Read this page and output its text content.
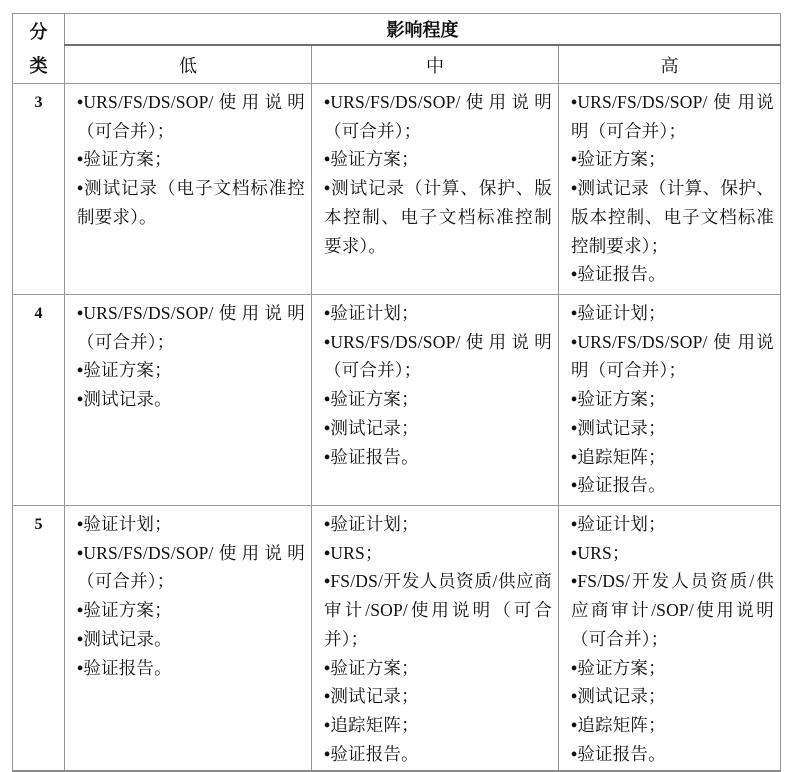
分
类	影响程度		
	低	中	高
3	
•URS/FS/DS/SOP/使用说明（可合并）；
• 验证方案；
• 测试记录（电子文档标准控制要求）。

• URS/FS/DS/SOP/使用说明（可合并）；
• 验证方案；
• 测试记录（计算、保护、版本控制、电子文档标准控制要求）。

• URS/FS/DS/SOP/ 使 用说明（可合并）；
• 验证方案；
• 测试记录（计算、保护、版本控制、电子文档标准控制要求）；
• 验证报告。

4	
•URS/FS/DS/SOP/使用说明（可合并）；
• 验证方案；
• 测试记录。

• 验证计划；
• URS/FS/DS/SOP/使用说明（可合并）；
• 验证方案；
• 测试记录；
• 验证报告。

• 验证计划；
• URS/FS/DS/SOP/ 使 用说明（可合并）；
• 验证方案；
• 测试记录；
• 追踪矩阵；
• 验证报告。

5	
•验证计划；
• URS/FS/DS/SOP/使用说明（可合并）；
• 验证方案；
• 测试记录。
• 验证报告。

• 验证计划；
• URS；
• FS/DS/开发人员资质/供应商审计/SOP/使用说明（可合并）；
• 验证方案；
• 测试记录；
• 追踪矩阵；
• 验证报告。

• 验证计划；
• URS；
• FS/DS/开发人员资质/供应商审计/SOP/使用说明（可合并）；
• 验证方案；
• 测试记录；
• 追踪矩阵；
• 验证报告。
